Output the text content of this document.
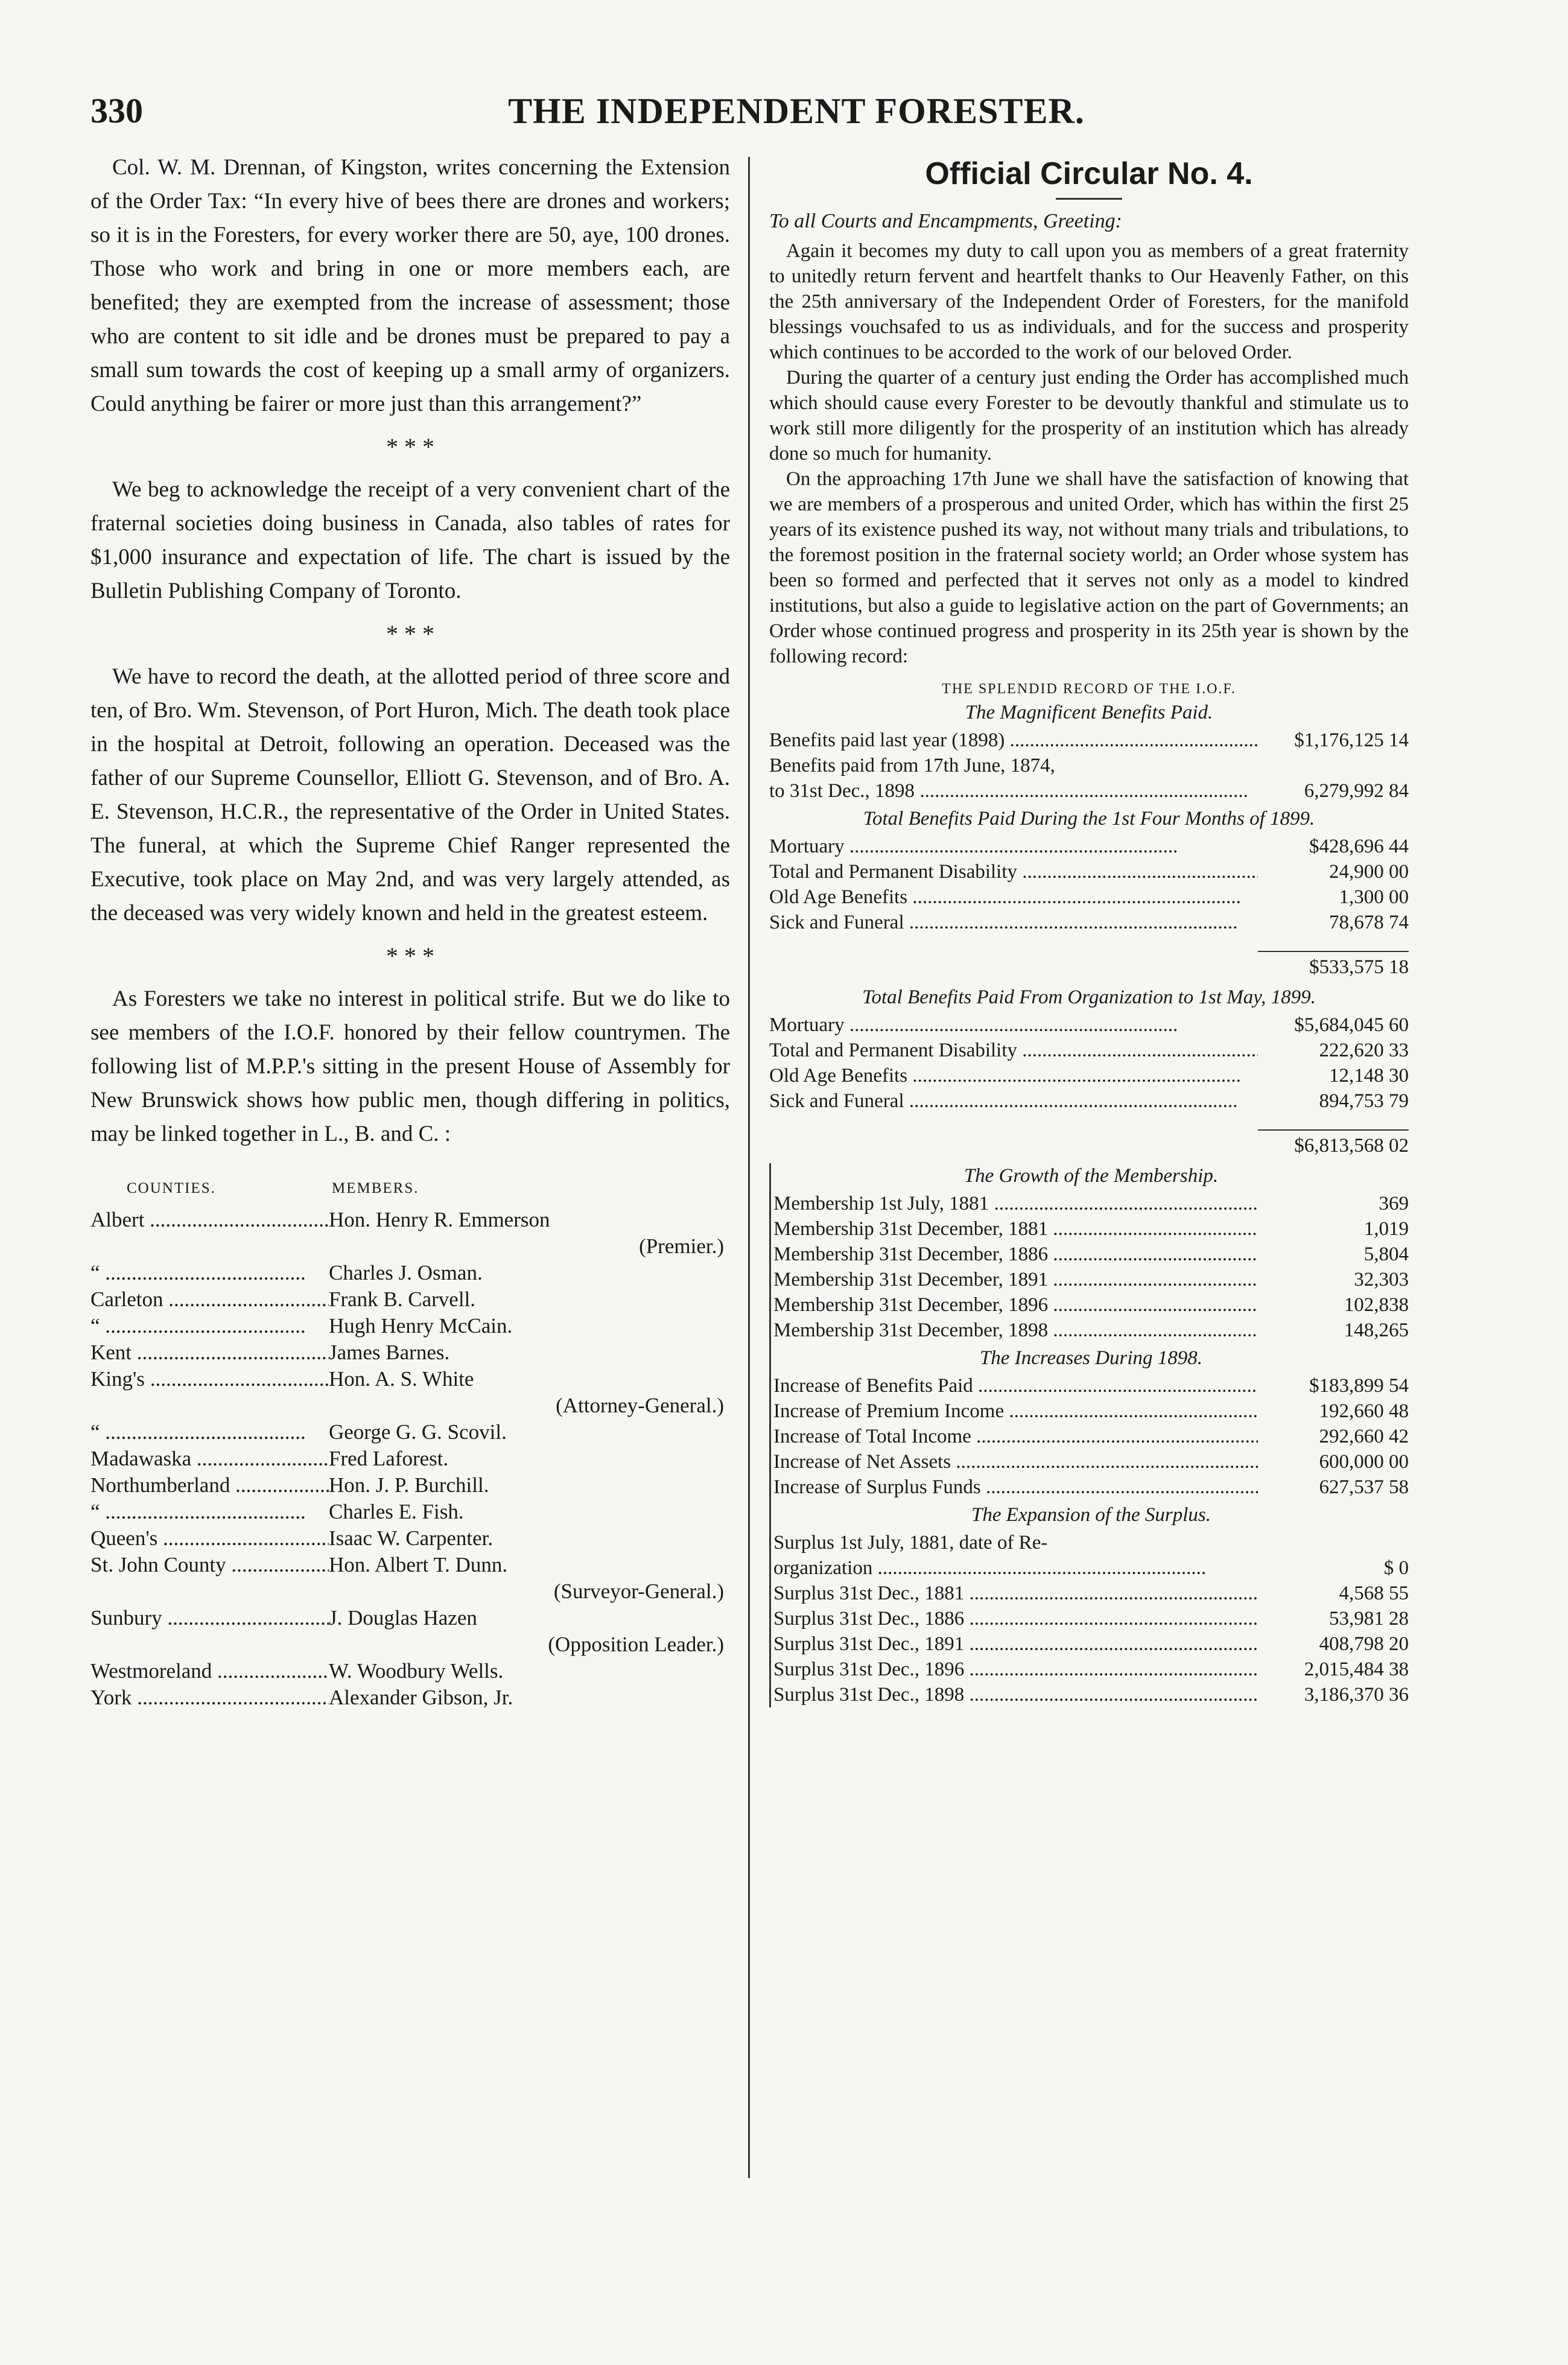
330	THE INDEPENDENT FORESTER.

Col. W. M. Drennan, of Kingston, writes concerning the Extension of the Order Tax: “In every hive of bees there are drones and workers; so it is in the Foresters, for every worker there are 50, aye, 100 drones. Those who work and bring in one or more members each, are benefited; they are exempted from the increase of assessment; those who are content to sit idle and be drones must be prepared to pay a small sum towards the cost of keeping up a small army of organizers. Could anything be fairer or more just than this arrangement?”

* * *

We beg to acknowledge the receipt of a very convenient chart of the fraternal societies doing business in Canada, also tables of rates for $1,000 insurance and expectation of life. The chart is issued by the Bulletin Publishing Company of Toronto.

* * *

We have to record the death, at the allotted period of three score and ten, of Bro. Wm. Stevenson, of Port Huron, Mich. The death took place in the hospital at Detroit, following an operation. Deceased was the father of our Supreme Counsellor, Elliott G. Stevenson, and of Bro. A. E. Stevenson, H.C.R., the representative of the Order in United States. The funeral, at which the Supreme Chief Ranger represented the Executive, took place on May 2nd, and was very largely attended, as the deceased was very widely known and held in the greatest esteem.

* * *

As Foresters we take no interest in political strife. But we do like to see members of the I.O.F. honored by their fellow countrymen. The following list of M.P.P.'s sitting in the present House of Assembly for New Brunswick shows how public men, though differing in politics, may be linked together in L., B. and C. :

COUNTIES.	MEMBERS.
Albert .....	Hon. Henry R. Emmerson
(Premier.)
“ .....	Charles J. Osman.
Carleton .....	Frank B. Carvell.
“ .....	Hugh Henry McCain.
Kent .....	James Barnes.
King's .....	Hon. A. S. White
(Attorney-General.)
“ .....	George G. G. Scovil.
Madawaska .....	Fred Laforest.
Northumberland .....	Hon. J. P. Burchill.
“ .....	Charles E. Fish.
Queen's .....	Isaac W. Carpenter.
St. John County .....	Hon. Albert T. Dunn.
(Surveyor-General.)
Sunbury .....	J. Douglas Hazen
(Opposition Leader.)
Westmoreland .....	W. Woodbury Wells.
York .....	Alexander Gibson, Jr.
Official Circular No. 4.

To all Courts and Encampments, Greeting:

Again it becomes my duty to call upon you as members of a great fraternity to unitedly return fervent and heartfelt thanks to Our Heavenly Father, on this the 25th anniversary of the Independent Order of Foresters, for the manifold blessings vouchsafed to us as individuals, and for the success and prosperity which continues to be accorded to the work of our beloved Order.

During the quarter of a century just ending the Order has accomplished much which should cause every Forester to be devoutly thankful and stimulate us to work still more diligently for the prosperity of an institution which has already done so much for humanity.

On the approaching 17th June we shall have the satisfaction of knowing that we are members of a prosperous and united Order, which has within the first 25 years of its existence pushed its way, not without many trials and tribulations, to the foremost position in the fraternal society world; an Order whose system has been so formed and perfected that it serves not only as a model to kindred institutions, but also a guide to legislative action on the part of Governments; an Order whose continued progress and prosperity in its 25th year is shown by the following record:

THE SPLENDID RECORD OF THE I.O.F.
The Magnificent Benefits Paid.
Benefits paid last year (1898) .....	$1,176,125 14
Benefits paid from 17th June, 1874,
to 31st Dec., 1898 .....	6,279,992 84
Total Benefits Paid During the 1st Four Months of 1899.
Mortuary .....	$428,696 44
Total and Permanent Disability .....	24,900 00
Old Age Benefits .....	1,300 00
Sick and Funeral .....	78,678 74
$533,575 18
Total Benefits Paid From Organization to 1st May, 1899.
Mortuary .....	$5,684,045 60
Total and Permanent Disability .....	222,620 33
Old Age Benefits .....	12,148 30
Sick and Funeral .....	894,753 79
$6,813,568 02
The Growth of the Membership.
Membership 1st July, 1881 .....	369
Membership 31st December, 1881 .....	1,019
Membership 31st December, 1886 .....	5,804
Membership 31st December, 1891 .....	32,303
Membership 31st December, 1896 .....	102,838
Membership 31st December, 1898 .....	148,265
The Increases During 1898.
Increase of Benefits Paid .....	$183,899 54
Increase of Premium Income .....	192,660 48
Increase of Total Income .....	292,660 42
Increase of Net Assets .....	600,000 00
Increase of Surplus Funds .....	627,537 58
The Expansion of the Surplus.
Surplus 1st July, 1881, date of Re-
organization .....	$ 0
Surplus 31st Dec., 1881 .....	4,568 55
Surplus 31st Dec., 1886 .....	53,981 28
Surplus 31st Dec., 1891 .....	408,798 20
Surplus 31st Dec., 1896 .....	2,015,484 38
Surplus 31st Dec., 1898 .....	3,186,370 36
